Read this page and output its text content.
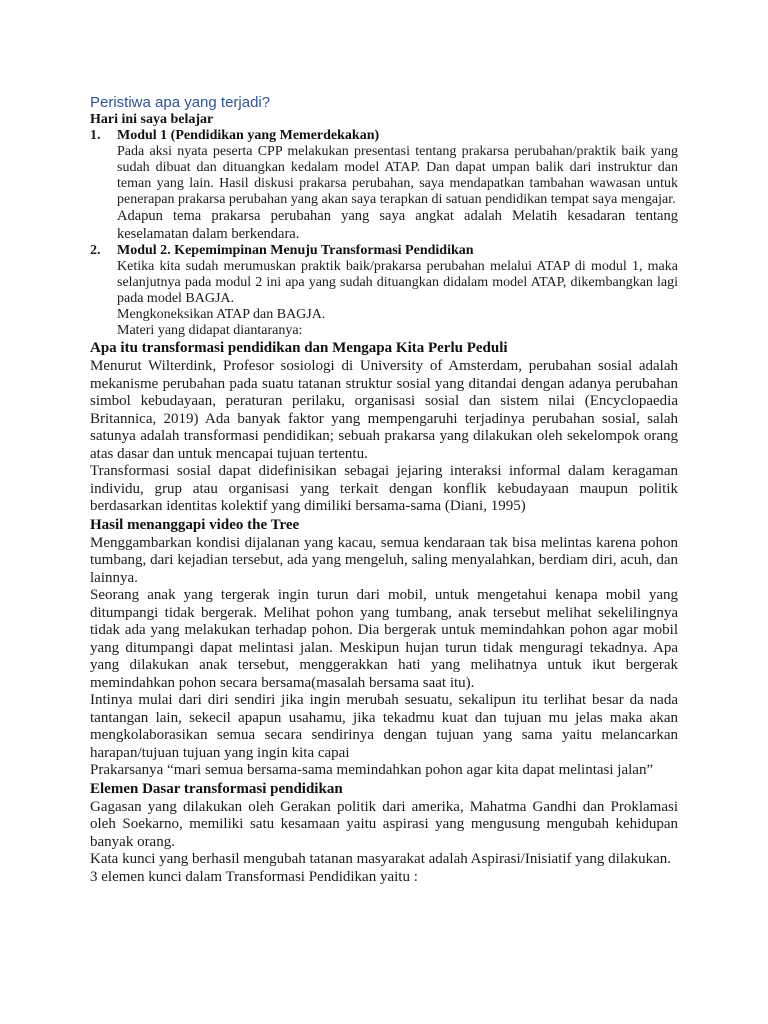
Peristiwa apa yang terjadi?

Hari ini saya belajar

1.	Modul 1 (Pendidikan yang Memerdekakan)

Pada aksi nyata peserta CPP melakukan presentasi tentang prakarsa perubahan/praktik baik yang sudah dibuat dan dituangkan kedalam model ATAP. Dan dapat umpan balik dari instruktur dan teman yang lain. Hasil diskusi prakarsa perubahan, saya mendapatkan tambahan wawasan untuk penerapan prakarsa perubahan yang akan saya terapkan di satuan pendidikan tempat saya mengajar.

Adapun tema prakarsa perubahan yang saya angkat adalah Melatih kesadaran tentang keselamatan dalam berkendara.

2.	Modul 2. Kepemimpinan Menuju Transformasi Pendidikan

Ketika kita sudah merumuskan praktik baik/prakarsa perubahan melalui ATAP di modul 1, maka selanjutnya pada modul 2 ini apa yang sudah dituangkan didalam model ATAP, dikembangkan lagi pada model BAGJA.

Mengkoneksikan ATAP dan BAGJA.

Materi yang didapat diantaranya:

Apa itu transformasi pendidikan dan Mengapa Kita Perlu Peduli

Menurut Wilterdink, Profesor sosiologi di University of Amsterdam, perubahan sosial adalah mekanisme perubahan pada suatu tatanan struktur sosial yang ditandai dengan adanya perubahan simbol kebudayaan, peraturan perilaku, organisasi sosial dan sistem nilai (Encyclopaedia Britannica, 2019) Ada banyak faktor yang mempengaruhi terjadinya perubahan sosial, salah satunya adalah transformasi pendidikan; sebuah prakarsa yang dilakukan oleh sekelompok orang atas dasar dan untuk mencapai tujuan tertentu.

Transformasi sosial dapat didefinisikan sebagai jejaring interaksi informal dalam keragaman individu, grup atau organisasi yang terkait dengan konflik kebudayaan maupun politik berdasarkan identitas kolektif yang dimiliki bersama-sama (Diani, 1995)

Hasil menanggapi video the Tree

Menggambarkan kondisi dijalanan yang kacau, semua kendaraan tak bisa melintas karena pohon tumbang, dari kejadian tersebut, ada yang mengeluh, saling menyalahkan, berdiam diri, acuh, dan lainnya.

Seorang anak yang tergerak ingin turun dari mobil, untuk mengetahui kenapa mobil yang ditumpangi tidak bergerak. Melihat pohon yang tumbang, anak tersebut melihat sekelilingnya tidak ada yang melakukan terhadap pohon. Dia bergerak untuk memindahkan pohon agar mobil yang ditumpangi dapat melintasi jalan. Meskipun hujan turun tidak menguragi tekadnya. Apa yang dilakukan anak tersebut, menggerakkan hati yang melihatnya untuk ikut bergerak memindahkan pohon secara bersama(masalah bersama saat itu).

Intinya mulai dari diri sendiri jika ingin merubah sesuatu, sekalipun itu terlihat besar da nada tantangan lain, sekecil apapun usahamu, jika tekadmu kuat dan tujuan mu jelas maka akan mengkolaborasikan semua secara sendirinya dengan tujuan yang sama yaitu melancarkan harapan/tujuan tujuan yang ingin kita capai

Prakarsanya “mari semua bersama-sama memindahkan pohon agar kita dapat melintasi jalan”

Elemen Dasar transformasi pendidikan

Gagasan yang dilakukan oleh Gerakan politik dari amerika, Mahatma Gandhi dan Proklamasi oleh Soekarno, memiliki satu kesamaan yaitu aspirasi yang mengusung mengubah kehidupan banyak orang.

Kata kunci yang berhasil mengubah tatanan masyarakat adalah Aspirasi/Inisiatif yang dilakukan.

3 elemen kunci dalam Transformasi Pendidikan yaitu :
